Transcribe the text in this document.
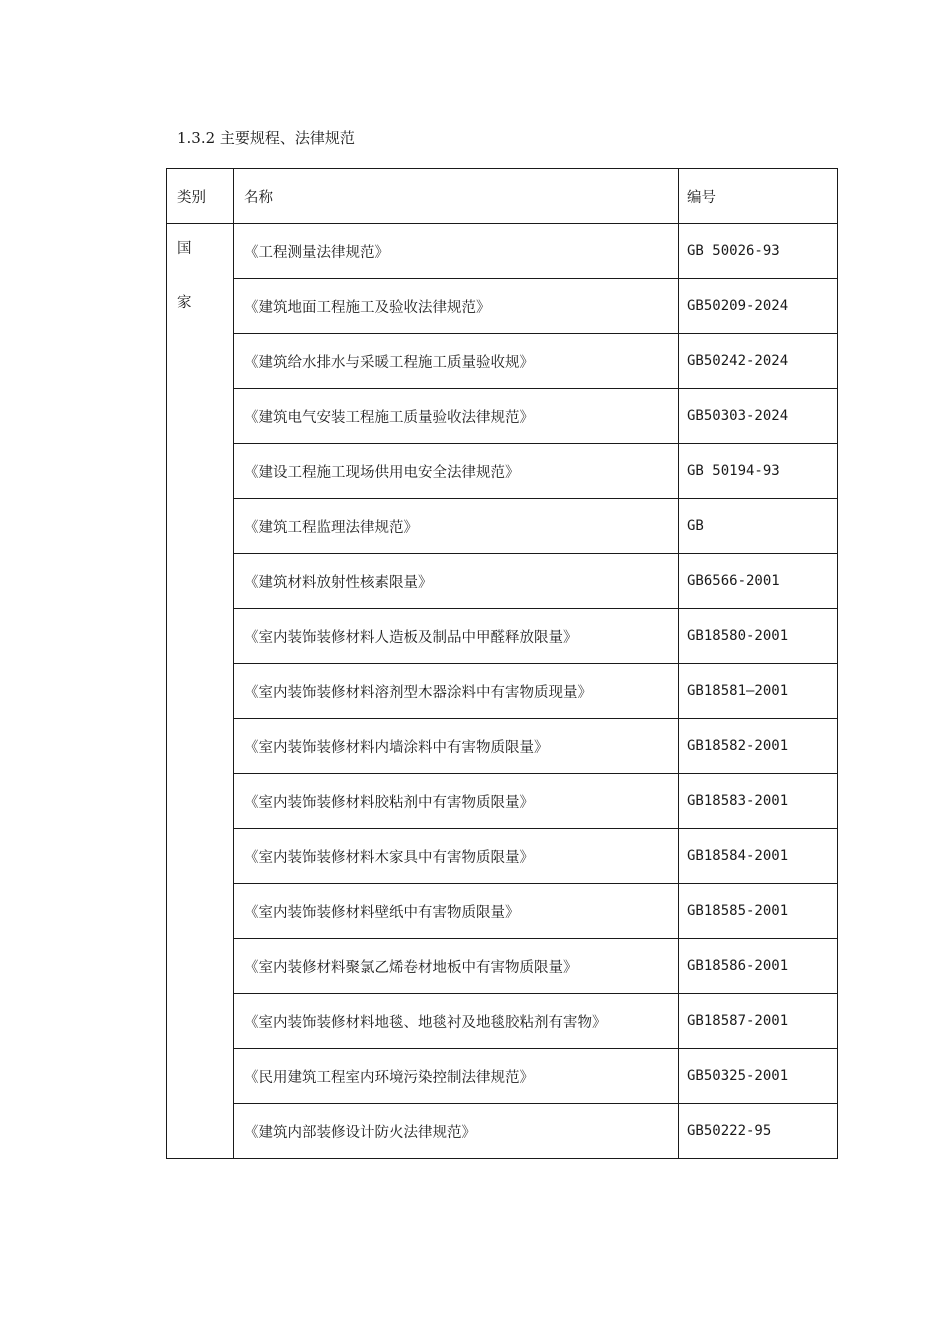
1.3.2 主要规程、法律规范
类别	名称	编号

国
家	《工程测量法律规范》	GB 50026-93
	《建筑地面工程施工及验收法律规范》	GB50209-2024
	《建筑给水排水与采暖工程施工质量验收规》	GB50242-2024
	《建筑电气安装工程施工质量验收法律规范》	GB50303-2024
	《建设工程施工现场供用电安全法律规范》	GB 50194-93
	《建筑工程监理法律规范》	GB
	《建筑材料放射性核素限量》	GB6566-2001
	《室内装饰装修材料人造板及制品中甲醛释放限量》	GB18580-2001
	《室内装饰装修材料溶剂型木器涂料中有害物质现量》	GB18581—2001
	《室内装饰装修材料内墙涂料中有害物质限量》	GB18582-2001
	《室内装饰装修材料胶粘剂中有害物质限量》	GB18583-2001
	《室内装饰装修材料木家具中有害物质限量》	GB18584-2001
	《室内装饰装修材料壁纸中有害物质限量》	GB18585-2001
	《室内装修材料聚氯乙烯卷材地板中有害物质限量》	GB18586-2001
	《室内装饰装修材料地毯、地毯衬及地毯胶粘剂有害物》	GB18587-2001
	《民用建筑工程室内环境污染控制法律规范》	GB50325-2001
	《建筑内部装修设计防火法律规范》	GB50222-95
